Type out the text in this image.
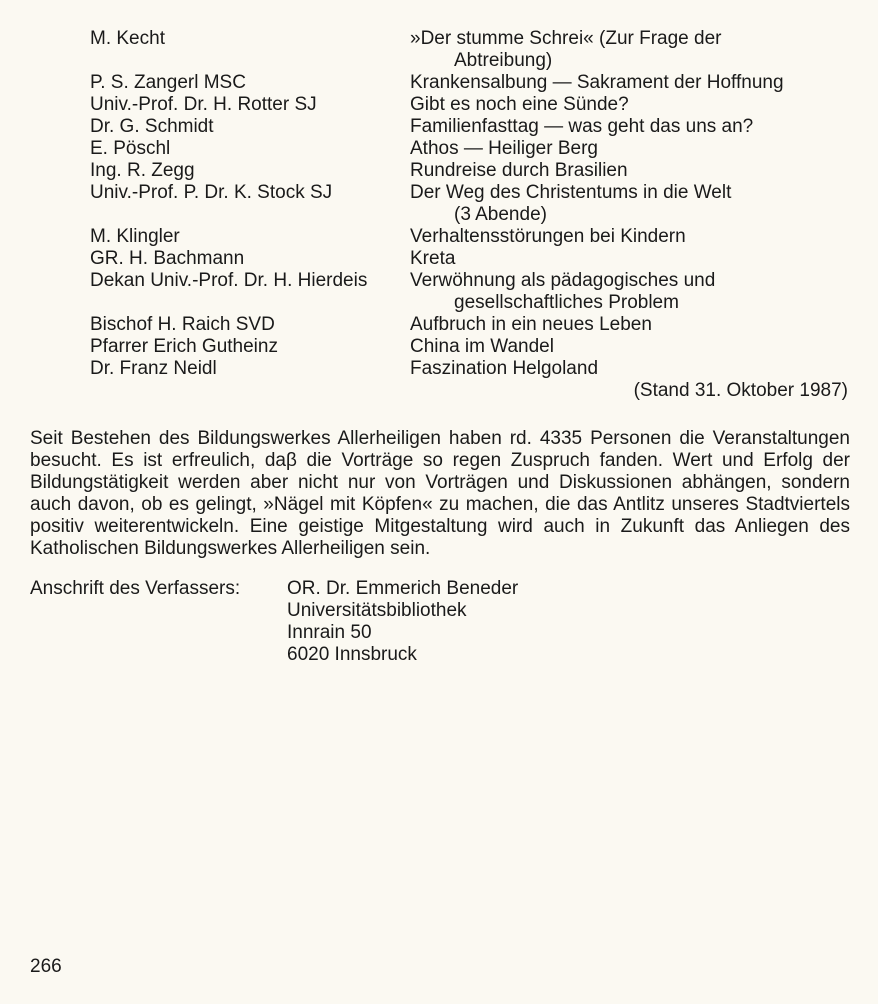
M. Kecht	»Der stumme Schrei« (Zur Frage der
Abtreibung)
P. S. Zangerl MSC	Krankensalbung — Sakrament der Hoffnung
Univ.-Prof. Dr. H. Rotter SJ	Gibt es noch eine Sünde?
Dr. G. Schmidt	Familienfasttag — was geht das uns an?
E. Pöschl	Athos — Heiliger Berg
Ing. R. Zegg	Rundreise durch Brasilien
Univ.-Prof. P. Dr. K. Stock SJ	Der Weg des Christentums in die Welt
(3 Abende)
M. Klingler	Verhaltensstörungen bei Kindern
GR. H. Bachmann	Kreta
Dekan Univ.-Prof. Dr. H. Hierdeis	Verwöhnung als pädagogisches und
gesellschaftliches Problem
Bischof H. Raich SVD	Aufbruch in ein neues Leben
Pfarrer Erich Gutheinz	China im Wandel
Dr. Franz Neidl	Faszination Helgoland
(Stand 31. Oktober 1987)

Seit Bestehen des Bildungswerkes Allerheiligen haben rd. 4335 Personen die Veranstaltungen besucht. Es ist erfreulich, daβ die Vorträge so regen Zuspruch fanden. Wert und Erfolg der Bildungstätigkeit werden aber nicht nur von Vorträgen und Diskussionen abhängen, sondern auch davon, ob es gelingt, »Nägel mit Köpfen« zu machen, die das Antlitz unseres Stadtviertels positiv weiterentwickeln. Eine geistige Mitgestaltung wird auch in Zukunft das Anliegen des Katholischen Bildungswerkes Allerheiligen sein.

Anschrift des Verfassers:	OR. Dr. Emmerich Beneder
Universitätsbibliothek
Innrain 50
6020 Innsbruck
266
